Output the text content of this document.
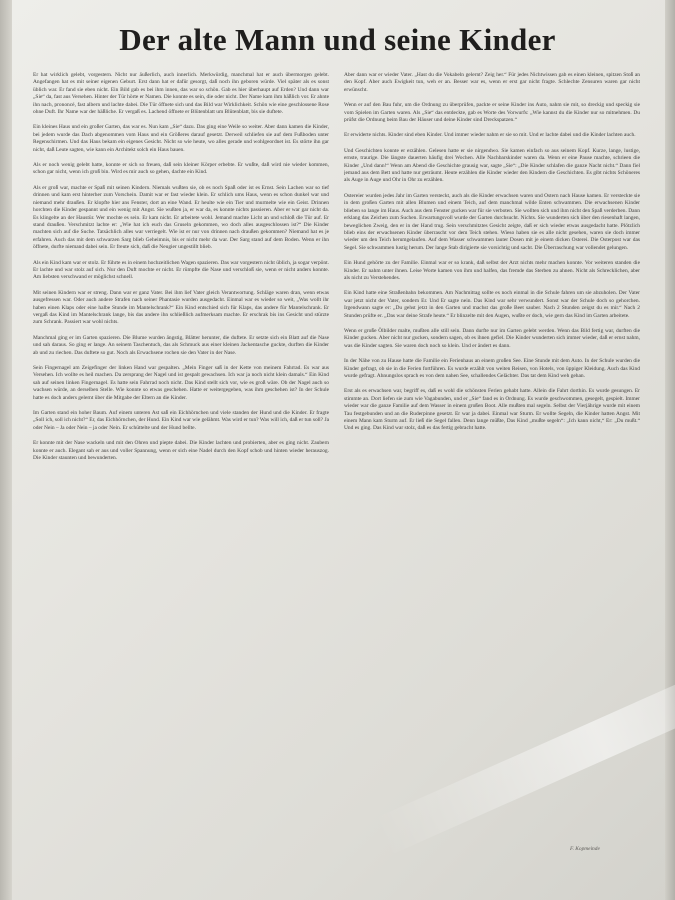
Der alte Mann und seine Kinder

Er hat wirklich gelebt, vorgestern. Nicht nur äußerlich, auch innerlich. Merkwürdig, manchmal hat er auch übermorgen gelebt. Angefangen hat es mit seiner eigenen Geburt. Erst dann hat er dafür gesorgt, daß noch ihn geboren würde. Viel später als es sonst üblich war. Er fand sie eben nicht. Ein Bild gab es bei ihm innen, das war so schön. Gab es hier überhaupt auf Erden? Und dann war „Sie“ da, fast aus Versehen. Hinter der Tür hörte er Namen. Die konnte es sein, die oder nicht. Der Name kam ihm häßlich vor. Er ahnte ihn nach, prononcé, fast albern und lachte dabei. Die Tür öffnete sich und das Bild war Wirklichkeit. Schön wie eine geschlossene Rose ohne Duft. Ihr Name war der häßliche. Er vergaß es. Lachend öffnete er Blütenblatt um Blütenblatt, bis sie duftete.

Ein kleines Haus und ein großer Garten, das war es. Nun kam „Sie“ dazu. Das ging eine Weile so weiter. Aber dann kamen die Kinder, bei jedem wurde das Dach abgenommen vom Haus und ein Größeres darauf gesetzt. Derweil schliefen sie auf dem Fußboden unter Regenschirmen. Und das Haus bekam ein eigenes Gesicht. Nicht so wie heute, wo alles gerade und wohlgeordnet ist. Es störte ihn gar nicht, daß Leute sagten, wie kann ein Architekt solch ein Haus bauen.

Als er noch wenig gelebt hatte, konnte er sich so freuen, daß sein kleiner Körper erbebte. Er wußte, daß wird nie wieder kommen, schon gar nicht, wenn ich groß bin. Wird es mir auch so gehen, dachte ein Kind.

Als er groß war, machte er Spaß mit seinen Kindern. Niemals wußten sie, ob es noch Spaß oder ist es Ernst. Sein Lachen war so tief drinnen und kam erst hinterher zum Vorschein. Damit war er fast wieder klein. Er schlich ums Haus, wenn es schon dunkel war und niemand mehr draußen. Er klopfte hier ans Fenster, dort an eine Wand. Er heulte wie ein Tier und murmelte wie ein Geist. Drinnen horchten die Kinder gespannt und ein wenig mit Angst. Sie wußten ja, er war da, es konnte nichts passieren. Aber er war gar nicht da. Es klingelte an der Haustür. Wer mochte es sein. Er kam nicht. Er arbeitete wohl. Jemand machte Licht an und schloß die Tür auf. Er stand draußen. Verschmitzt lachte er: „Wie hat ich euch das Gruseln gekommen, wo doch alles ausgeschlossen ist?“ Die Kinder machten sich auf die Suche. Tatsächlich alles war verriegelt. Wie ist er nur von drinnen nach draußen gekommen? Niemand hat es je erfahren. Auch das mit dem schwarzen Sarg blieb Geheimnis, bis er nicht mehr da war. Der Sarg stand auf dem Boden. Wenn er ihn öffnete, durfte niemand dabei sein. Er freute sich, daß die Neugier ungestillt blieb.

Als ein Kind kam war er stolz. Er führte es in einem hochzeitlichen Wagen spazieren. Das war vorgestern nicht üblich, ja sogar verpönt. Er lachte und war stolz auf sich. Nur den Duft mochte er nicht. Er rümpfte die Nase und verschloß sie, wenn er nicht anders konnte. Am liebsten verschwand er möglichst schnell.

Mit seinen Kindern war er streng. Dann war er ganz Vater. Bei ihm lief Vater gleich Verantwortung. Schläge waren dran, wenn etwas ausgefressen war. Oder auch andere Strafen nach seiner Phantasie wurden ausgedacht. Einmal war es wieder so weit, „Was wollt ihr haben einen Klaps oder eine halbe Stunde im Mantelschrank?“ Ein Kind entschied sich für Klaps, das andere für Mantelschrank. Er vergaß das Kind im Mantelschrank lange, bis das andere ihn schließlich aufmerksam machte. Er erschrak bis ins Gesicht und stürzte zum Schrank. Passiert war wohl nichts.

Manchmal ging er im Garten spazieren. Die Blume wurden ängstig, Blätter herunter, die duftete. Er setzte sich ein Blatt auf die Nase und sah daraus. So ging er lange. An seinem Taschentuch, das als Schmuck aus einer kleinen Jackentasche guckte, durften die Kinder ab und zu riechen. Das duftete so gut. Noch als Erwachsene rochen sie den Vater in der Nase.

Sein Fingernagel am Zeigefinger der linken Hand war gespalten. „Mein Finger saß in der Kette von meinem Fahrrad. Es war aus Versehen. Ich wollte es heil machen. Da zersprang der Nagel und ist gespalt gewachsen. Ich war ja noch nicht klein damals.“ Ein Kind sah auf seinen linken Fingernagel. Es hatte sein Fahrrad noch nicht. Das Kind stellt sich vor, wie es groß wäre. Ob der Nagel auch so wachsen würde, an derselben Stelle. Wie konnte so etwas geschehen. Hatte er weitergegeben, was ihm geschehen ist? In der Schule hatte es doch anders gelernt über die Mitgabe der Eltern an die Kinder.

Im Garten stand ein hoher Baum. Auf einem unteren Ast saß ein Eichhörnchen und viele standen der Hund und die Kinder. Er fragte „Soll ich, soll ich nicht?“ Er, das Eichhörnchen, der Hund. Ein Kind war wie gelähmt. Was wird er tun? Was will ich, daß er tun soll? Ja oder Nein – Ja oder Nein – ja oder Nein. Er schüttelte und der Hund bellte.

Er konnte mit der Nase wackeln und mit den Ohren und piepte dabei. Die Kinder lachten und probierten, aber es ging nicht. Zaubern konnte er auch. Elegant sah er aus und voller Spannung, wenn er sich eine Nadel durch den Kopf schob und hinten wieder herauszog. Die Kinder staunten und bewunderten.

Aber dann war er wieder Vater. „Hast du die Vokabeln gelernt? Zeig her.“ Für jedes Nichtwissen gab es einen kleinen, spitzen Stoß an den Kopf. Aber auch Ewigkeit tun, weh er an. Besser war es, wenn er erst gar nicht fragte. Schlechte Zensuren waren gar nicht erwünscht.

Wenn er auf den Bau fuhr, um die Ordnung zu überprüfen, packte er seine Kinder ins Auto, nahm sie mit, so dreckig und speckig sie vom Spielen im Garten waren. Als „Sie“ das entdeckte, gab es Worte des Vorwurfs: „Wie kannst du die Kinder nur so mitnehmen. Du prüfst die Ordnung beim Bau der Häuser und deine Kinder sind Dreckspatzen.“

Er erwiderte nichts. Kinder sind eben Kinder. Und immer wieder nahm er sie so mit. Und er lachte dabei und die Kinder lachten auch.

Und Geschichten konnte er erzählen. Gelesen hatte er sie nirgendwo. Sie kamen einfach so aus seinem Kopf. Kurze, lange, lustige, ernste, traurige. Die längste dauerten häufig drei Wochen. Alle Nachbarskinder waren da. Wenn er eine Pause machte, schrieen die Kinder „Und dann!“ Wenn am Abend die Geschichte grausig war, sagte „Sie“: „Die Kinder schlafen die ganze Nacht nicht.“ Dann fiel jemand aus dem Bett und hatte nur geträumt. Heute erzählen die Kinder wieder den Kindern die Geschichten. Es gibt nichts Schöneres als Auge in Auge und Ohr in Ohr zu erzählen.

Ostereier wurden jedes Jahr im Garten versteckt, auch als die Kinder erwachsen waren und Ostern nach Hause kamen. Er versteckte sie in dem großen Garten mit allen Blumen und einem Teich, auf dem manchmal wilde Enten schwammen. Die erwachsenen Kinder blieben so lange im Haus. Auch aus dem Fenster gucken war für sie verboten. Sie wollten sich und ihm nicht den Spaß verderben. Dann erklang das Zeichen zum Suchen. Erwartungsvoll wurde der Garten durchsucht. Nichts. Sie wunderten sich über den riesenhaft langen, beweglichen Zweig, den er in der Hand trug. Sein verschmitztes Gesicht zeigte, daß er sich wieder etwas ausgedacht hatte. Plötzlich blieb eins der erwachsenen Kinder überrascht vor dem Teich stehen. Wieso haben sie es alle nicht gesehen, waren sie doch immer wieder um den Teich herumgelaufen. Auf dem Wasser schwammen lauter Dosen mit je einem dicken Osterei. Die Osterpost war das Segel. Sie schwammen lustig herum. Der lange Stab dirigierte sie vorsichtig und sacht. Die Überraschung war vollendet gelungen.

Ein Hund gehörte zu der Familie. Einmal war er so krank, daß selbst der Arzt nichts mehr machen konnte. Vor weiteren standen die Kinder. Er nahm unter ihnen. Leise Worte kamen von ihm und halfen, das fremde das Sterben zu ahnen. Nicht als Schrecklichen, aber als nicht zu Verstehendes.

Ein Kind hatte eine Straßenbahn bekommen. Am Nachmittag sollte es noch einmal in die Schule fahren um sie abzuholen. Der Vater war jetzt nicht der Vater, sondern Er. Und Er sagte nein. Das Kind war sehr verwundert. Sonst war der Schule doch so gehorchen. Irgendwann sagte er: „Du gehst jetzt in den Garten und machst das große Beet sauber. Nach 2 Stunden zeigst du es mir.“ Nach 2 Stunden prüfte er. „Das war deine Strafe heute.“ Er blinzelte mit den Augen, wußte er doch, wie gern das Kind im Garten arbeitete.

Wenn er große Ölbilder malte, mußten alle still sein. Dann durfte nur im Garten gelebt werden. Wenn das Bild fertig war, durften die Kinder gucken. Aber nicht nur gucken, sondern sagen, ob es ihnen gefiel. Die Kinder wunderten sich immer wieder, daß er ernst nahm, was die Kinder sagten. Sie waren doch noch so klein. Und er ändert es dann.

In der Nähe von zu Hause hatte die Familie ein Ferienhaus an einem großen See. Eine Stunde mit dem Auto. In der Schule wurden die Kinder gefragt, ob sie in die Ferien fortführen. Es wurde erzählt von weiten Reisen, von Hotels, von üppiger Kleidung. Auch das Kind wurde gefragt. Ahnungslos sprach es von dem nahen See, schallendes Gelächter. Das tat dem Kind weh gehan.

Erst als es erwachsen war, begriff es, daß es wohl die schönsten Ferien gehabt hatte. Allein die Fahrt dorthin. Es wurde gesungen. Er stimmte an. Dort liefen sie zum wie Vagabunden, und er „Sie“ fand es in Ordnung. Es wurde geschwommen, gesegelt, gespielt. Immer wieder war die ganze Familie auf dem Wasser in einem großen Boot. Alle mußten mal segeln. Selbst der Vierjährige wurde mit einem Tau festgebunden und an die Ruderpinne gesetzt. Er war ja dabei. Einmal war Sturm. Er wollte Segeln, die Kinder hatten Angst. Mit einem Mann kam Sturm auf. Er ließ die Segel fallen. Denn lange müßte, Das Kind „mußte segeln“: „Ich kann nicht,“ Er: „Du mußt.“ Und es ging. Das Kind war stolz, daß es das fertig gebracht hatte.

F. Kopmeinde
